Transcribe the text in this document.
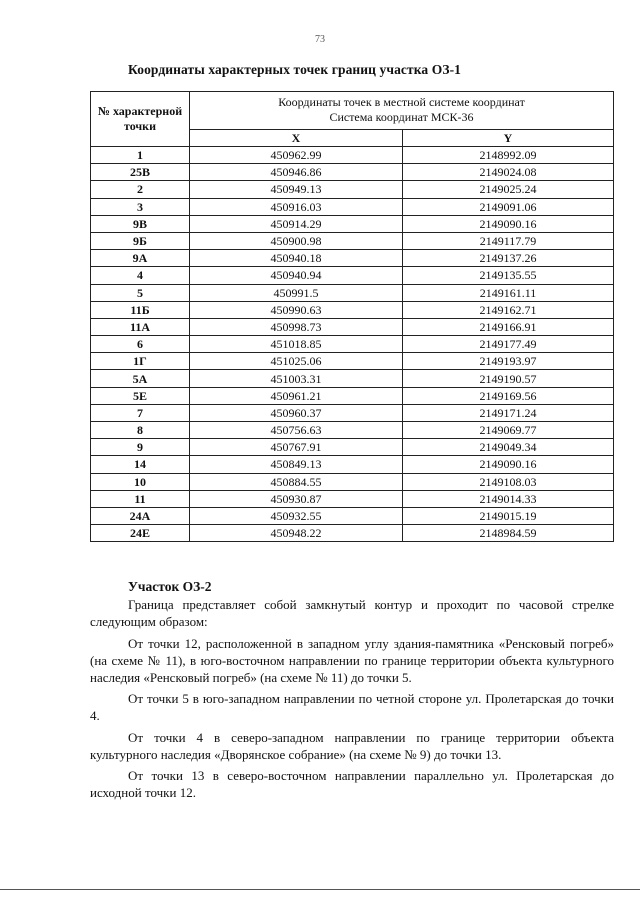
73
Координаты характерных точек границ участка ОЗ-1
№ характерной точки	Координаты точек в местной системе координат
Система координат МСК-36	

	X	Y
1	450962.99	2148992.09
25В	450946.86	2149024.08
2	450949.13	2149025.24
3	450916.03	2149091.06
9В	450914.29	2149090.16
9Б	450900.98	2149117.79
9А	450940.18	2149137.26
4	450940.94	2149135.55
5	450991.5	2149161.11
11Б	450990.63	2149162.71
11А	450998.73	2149166.91
6	451018.85	2149177.49
1Г	451025.06	2149193.97
5А	451003.31	2149190.57
5Е	450961.21	2149169.56
7	450960.37	2149171.24
8	450756.63	2149069.77
9	450767.91	2149049.34
14	450849.13	2149090.16
10	450884.55	2149108.03
11	450930.87	2149014.33
24А	450932.55	2149015.19
24Е	450948.22	2148984.59
Участок ОЗ-2

Граница представляет собой замкнутый контур и проходит по часовой стрелке следующим образом:

От точки 12, расположенной в западном углу здания-памятника «Ренсковый погреб» (на схеме № 11), в юго-восточном направлении по границе территории объекта культурного наследия «Ренсковый погреб» (на схеме № 11) до точки 5.

От точки 5 в юго-западном направлении по четной стороне ул. Пролетарская до точки 4.

От точки 4 в северо-западном направлении по границе территории объекта культурного наследия «Дворянское собрание» (на схеме № 9) до точки 13.

От точки 13 в северо-восточном направлении параллельно ул. Пролетарская до исходной точки 12.
